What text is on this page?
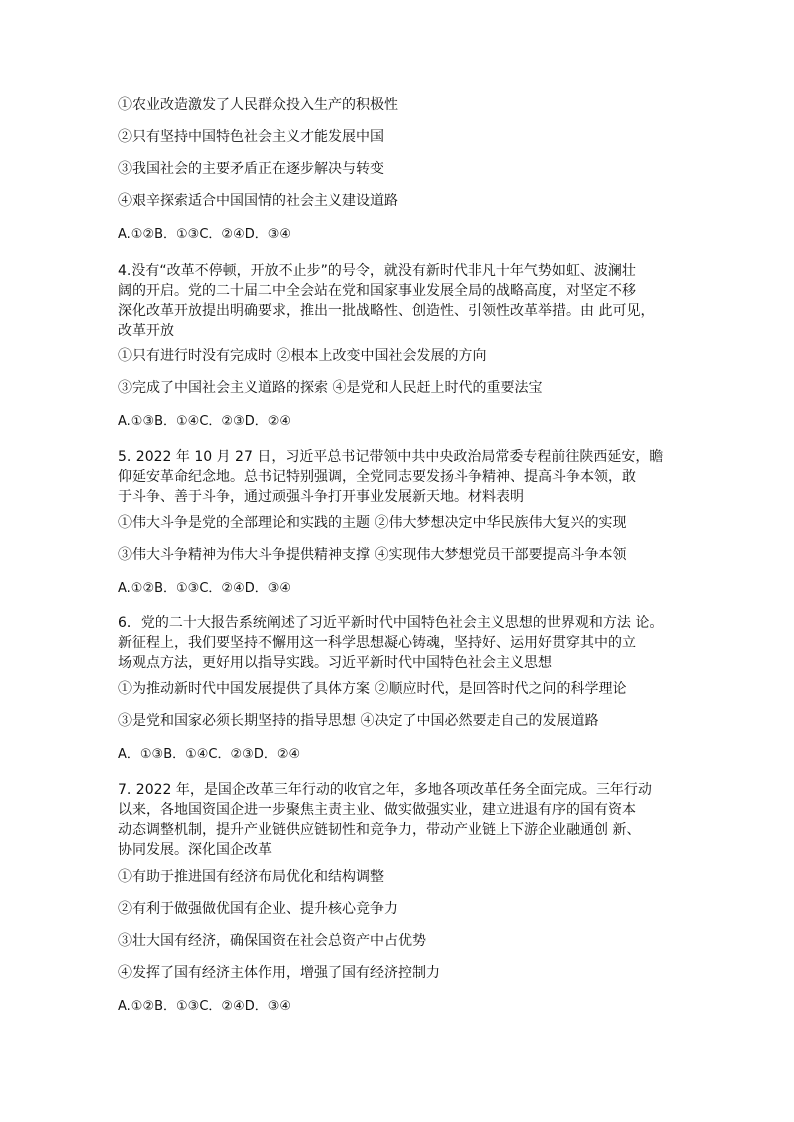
①农业改造激发了人民群众投入生产的积极性
②只有坚持中国特色社会主义才能发展中国
③我国社会的主要矛盾正在逐步解决与转变
④艰辛探索适合中国国情的社会主义建设道路
A.①②B．①③C．②④D．③④
4.没有“改革不停顿，开放不止步”的号令，就没有新时代非凡十年气势如虹、波澜壮
阔的开启。党的二十届二中全会站在党和国家事业发展全局的战略高度，对坚定不移
深化改革开放提出明确要求，推出一批战略性、创造性、引领性改革举措。由 此可见，
改革开放
①只有进行时没有完成时 ②根本上改变中国社会发展的方向
③完成了中国社会主义道路的探索 ④是党和人民赶上时代的重要法宝
A.①③B．①④C．②③D．②④
5. 2022 年 10 月 27 日，习近平总书记带领中共中央政治局常委专程前往陕西延安，瞻
仰延安革命纪念地。总书记特别强调，全党同志要发扬斗争精神、提高斗争本领，敢
于斗争、善于斗争，通过顽强斗争打开事业发展新天地。材料表明
①伟大斗争是党的全部理论和实践的主题 ②伟大梦想决定中华民族伟大复兴的实现
③伟大斗争精神为伟大斗争提供精神支撑 ④实现伟大梦想党员干部要提高斗争本领
A.①②B．①③C．②④D．③④
6．党的二十大报告系统阐述了习近平新时代中国特色社会主义思想的世界观和方法 论。
新征程上，我们要坚持不懈用这一科学思想凝心铸魂，坚持好、运用好贯穿其中的立
场观点方法，更好用以指导实践。习近平新时代中国特色社会主义思想
①为推动新时代中国发展提供了具体方案 ②顺应时代，是回答时代之问的科学理论
③是党和国家必须长期坚持的指导思想 ④决定了中国必然要走自己的发展道路
A．①③B．①④C．②③D．②④
7. 2022 年，是国企改革三年行动的收官之年，多地各项改革任务全面完成。三年行动
以来，各地国资国企进一步聚焦主责主业、做实做强实业，建立进退有序的国有资本
动态调整机制，提升产业链供应链韧性和竞争力，带动产业链上下游企业融通创 新、
协同发展。深化国企改革
①有助于推进国有经济布局优化和结构调整
②有利于做强做优国有企业、提升核心竞争力
③壮大国有经济，确保国资在社会总资产中占优势
④发挥了国有经济主体作用，增强了国有经济控制力
A.①②B．①③C．②④D．③④
